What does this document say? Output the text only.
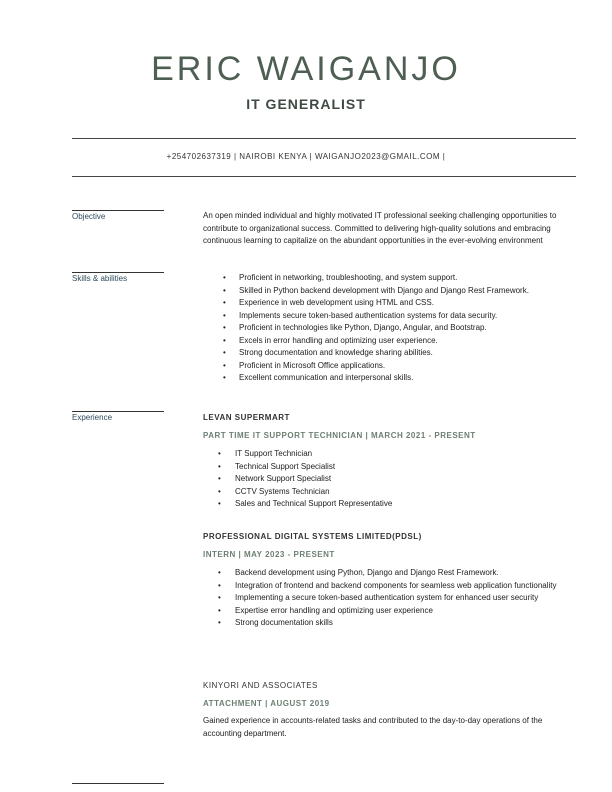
ERIC WAIGANJO
IT GENERALIST
+254702637319 | NAIROBI KENYA | WAIGANJO2023@GMAIL.COM |
Objective	An open minded individual and highly motivated IT professional seeking challenging opportunities to contribute to organizational success. Committed to delivering high-quality solutions and embracing continuous learning to capitalize on the abundant opportunities in the ever-evolving environment
Skills & abilities	• Proficient in networking, troubleshooting, and system support.
• Skilled in Python backend development with Django and Django Rest Framework.
• Experience in web development using HTML and CSS.
• Implements secure token-based authentication systems for data security.
• Proficient in technologies like Python, Django, Angular, and Bootstrap.
• Excels in error handling and optimizing user experience.
• Strong documentation and knowledge sharing abilities.
• Proficient in Microsoft Office applications.
• Excellent communication and interpersonal skills.
Experience	LEVAN SUPERMART
PART TIME IT SUPPORT TECHNICIAN | MARCH 2021 - PRESENT
• IT Support Technician
• Technical Support Specialist
• Network Support Specialist
• CCTV Systems Technician
• Sales and Technical Support Representative
PROFESSIONAL DIGITAL SYSTEMS LIMITED(PDSL)
INTERN | MAY 2023 - PRESENT
• Backend development using Python, Django and Django Rest Framework.
• Integration of frontend and backend components for seamless web application functionality
• Implementing a secure token-based authentication system for enhanced user security
• Expertise error handling and optimizing user experience
• Strong documentation skills
KINYORI AND ASSOCIATES
ATTACHMENT | AUGUST 2019
Gained experience in accounts-related tasks and contributed to the day-to-day operations of the accounting department.
